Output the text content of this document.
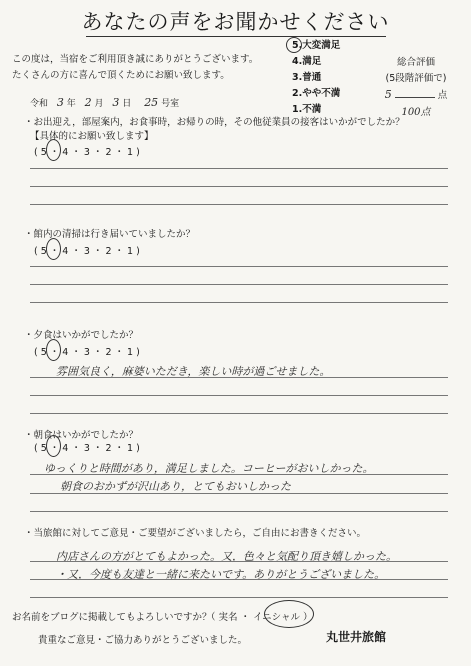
あなたの声をお聞かせください
この度は，当宿をご利用頂き誠にありがとうございます。
たくさんの方に喜んで頂くためにお願い致します。
5.大変満足
4.満足
3.普通
2.やや不満
1.不満
総合評価
(5段階評価で)
5	点
100点
令和 3 年 2 月 3 日 25 号室
・お出迎え，部屋案内，お食事時，お帰りの時，その他従業員の接客はいかがでしたか？
【具体的にお願い致します】
( 5 ・ 4 ・ 3 ・ 2 ・ 1 )
・館内の清掃は行き届いていましたか？
( 5 ・ 4 ・ 3 ・ 2 ・ 1 )
・夕食はいかがでしたか？
( 5 ・ 4 ・ 3 ・ 2 ・ 1 )
雰囲気良く，麻婆いただき，楽しい時が過ごせました。
・朝食はいかがでしたか？
( 5 ・ 4 ・ 3 ・ 2 ・ 1 )
ゆっくりと時間があり，満足しました。コーヒーがおいしかった。
朝食のおかずが沢山あり，とてもおいしかった
・当旅館に対してご意見・ご要望がございましたら，ご自由にお書きください。
内店さんの方がとてもよかった。又，色々と気配り頂き嬉しかった。
・又，今度も友達と一緒に来たいです。ありがとうございました。
お名前をブログに掲載してもよろしいですか？
（ 実名 ・ イニシャル ）
貴重なご意見・ご協力ありがとうございました。	丸世井旅館
